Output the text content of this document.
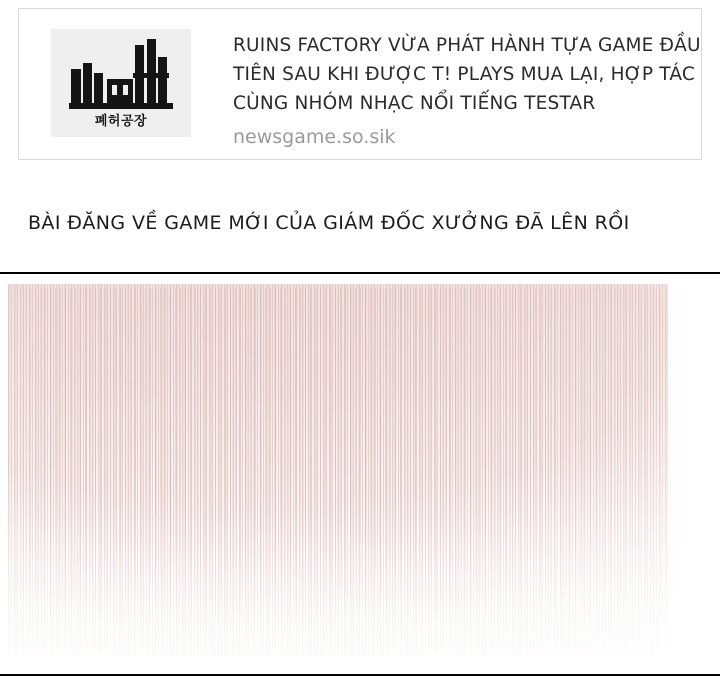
폐허공장
RUINS FACTORY VỪA PHÁT HÀNH TỰA GAME ĐẦU TIÊN SAU KHI ĐƯỢC T! PLAYS MUA LẠI, HỢP TÁC CÙNG NHÓM NHẠC NỔI TIẾNG TESTAR
newsgame.so.sik
BÀI ĐĂNG VỀ GAME MỚI CỦA GIÁM ĐỐC XƯỞNG ĐÃ LÊN RỒI
